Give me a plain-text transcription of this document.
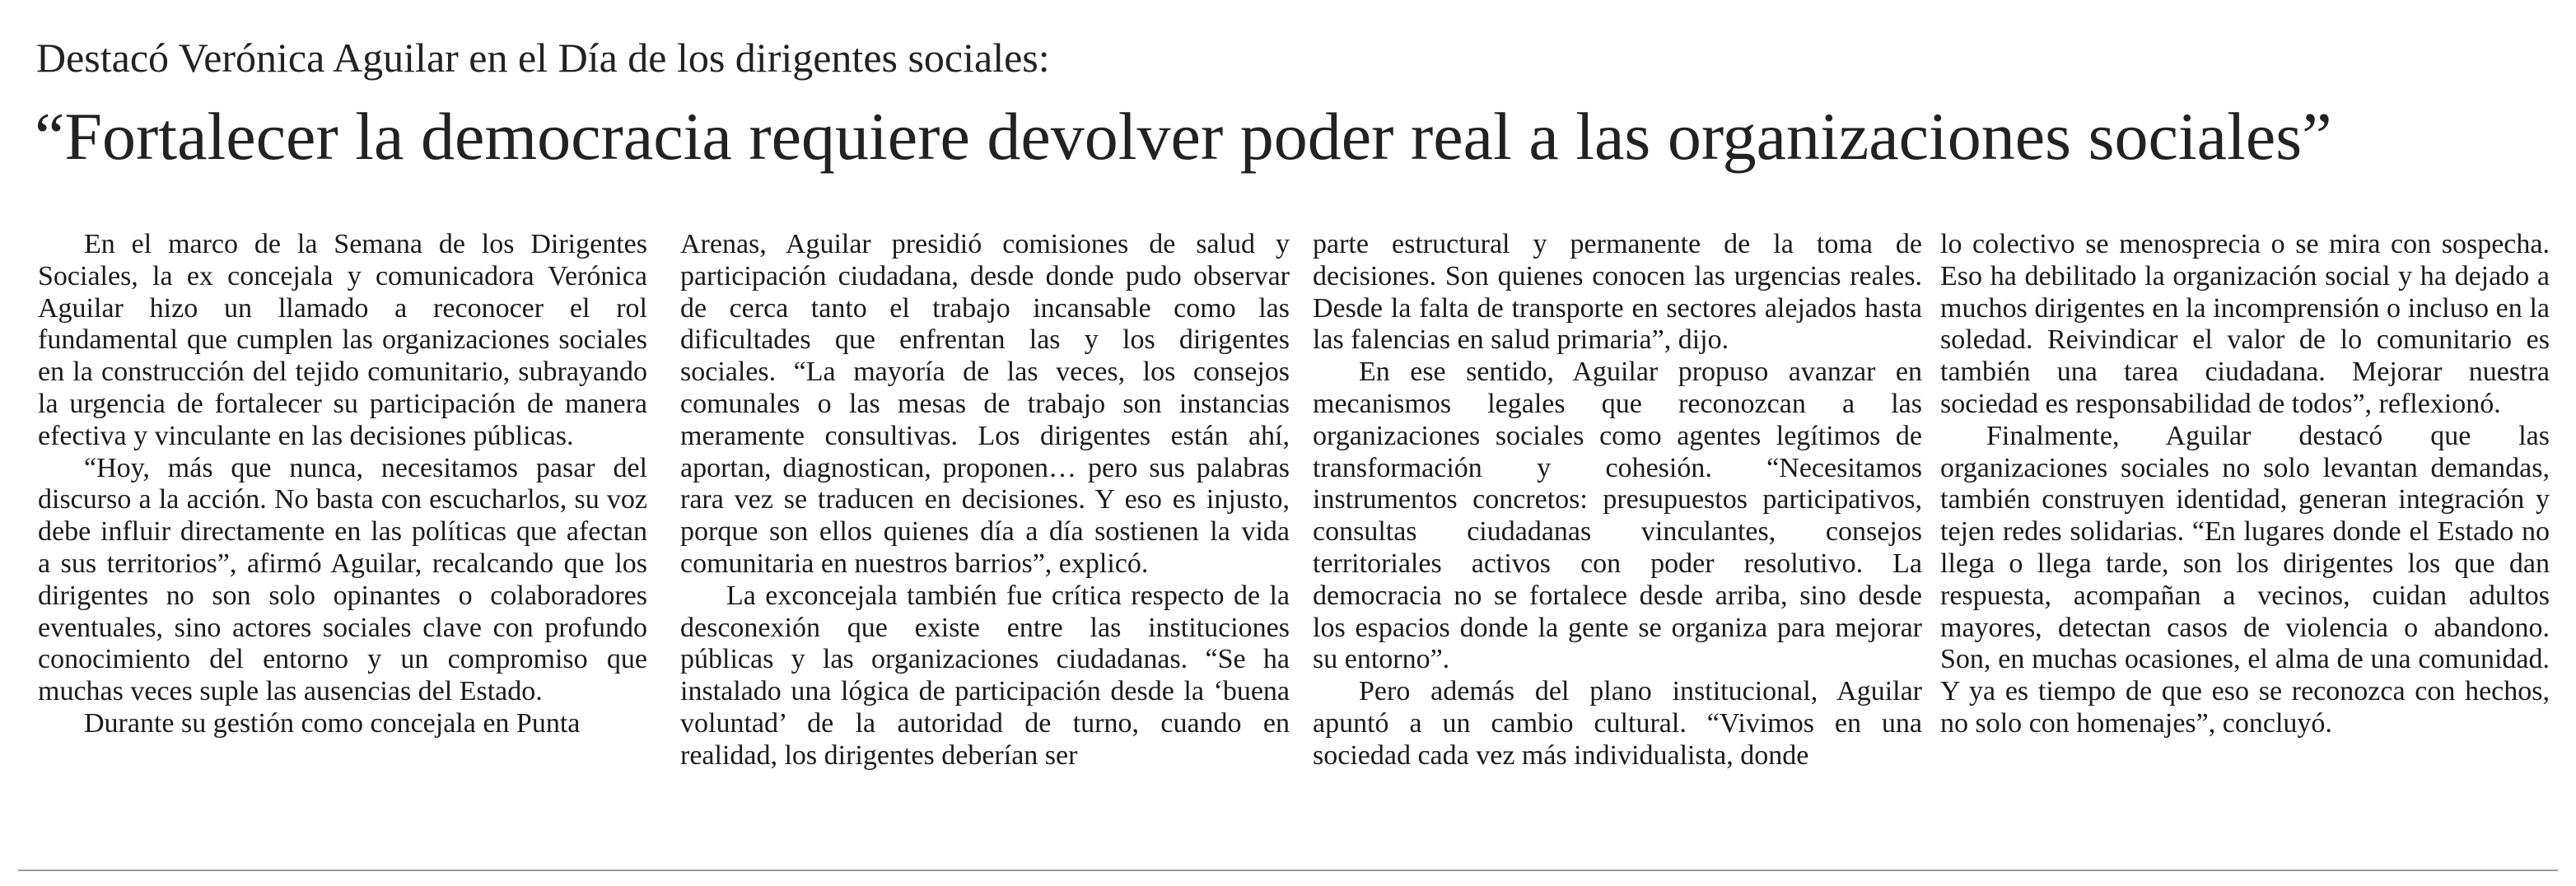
Destacó Verónica Aguilar en el Día de los dirigentes sociales:
“Fortalecer la democracia requiere devolver poder real a las organizaciones sociales”

En el marco de la Semana de los Dirigentes Sociales, la ex concejala y comunicadora Verónica Aguilar hizo un llamado a reconocer el rol fundamental que cumplen las organizaciones sociales en la construcción del tejido comunitario, subrayando la urgencia de fortalecer su participación de manera efectiva y vinculante en las decisiones públicas.

“Hoy, más que nunca, necesitamos pasar del discurso a la acción. No basta con escucharlos, su voz debe influir directamente en las políticas que afectan a sus territorios”, afirmó Aguilar, recalcando que los dirigentes no son solo opinantes o colaboradores eventuales, sino actores sociales clave con profundo conocimiento del entorno y un compromiso que muchas veces suple las ausencias del Estado.

Durante su gestión como concejala en Punta

Arenas, Aguilar presidió comisiones de salud y participación ciudadana, desde donde pudo observar de cerca tanto el trabajo incansable como las dificultades que enfrentan las y los dirigentes sociales. “La mayoría de las veces, los consejos comunales o las mesas de trabajo son instancias meramente consultivas. Los dirigentes están ahí, aportan, diagnostican, proponen… pero sus palabras rara vez se traducen en decisiones. Y eso es injusto, porque son ellos quienes día a día sostienen la vida comunitaria en nuestros barrios”, explicó.

La exconcejala también fue crítica respecto de la desconexión que existe entre las instituciones públicas y las organizaciones ciudadanas. “Se ha instalado una lógica de participación desde la ‘buena voluntad’ de la autoridad de turno, cuando en realidad, los dirigentes deberían ser

parte estructural y permanente de la toma de decisiones. Son quienes conocen las urgencias reales. Desde la falta de transporte en sectores alejados hasta las falencias en salud primaria”, dijo.

En ese sentido, Aguilar propuso avanzar en mecanismos legales que reconozcan a las organizaciones sociales como agentes legítimos de transformación y cohesión. “Necesitamos instrumentos concretos: presupuestos participativos, consultas ciudadanas vinculantes, consejos territoriales activos con poder resolutivo. La democracia no se fortalece desde arriba, sino desde los espacios donde la gente se organiza para mejorar su entorno”.

Pero además del plano institucional, Aguilar apuntó a un cambio cultural. “Vivimos en una sociedad cada vez más individualista, donde

lo colectivo se menosprecia o se mira con sospecha. Eso ha debilitado la organización social y ha dejado a muchos dirigentes en la incomprensión o incluso en la soledad. Reivindicar el valor de lo comunitario es también una tarea ciudadana. Mejorar nuestra sociedad es responsabilidad de todos”, reflexionó.

Finalmente, Aguilar destacó que las organizaciones sociales no solo levantan demandas, también construyen identidad, generan integración y tejen redes solidarias. “En lugares donde el Estado no llega o llega tarde, son los dirigentes los que dan respuesta, acompañan a vecinos, cuidan adultos mayores, detectan casos de violencia o abandono. Son, en muchas ocasiones, el alma de una comunidad. Y ya es tiempo de que eso se reconozca con hechos, no solo con homenajes”, concluyó.
